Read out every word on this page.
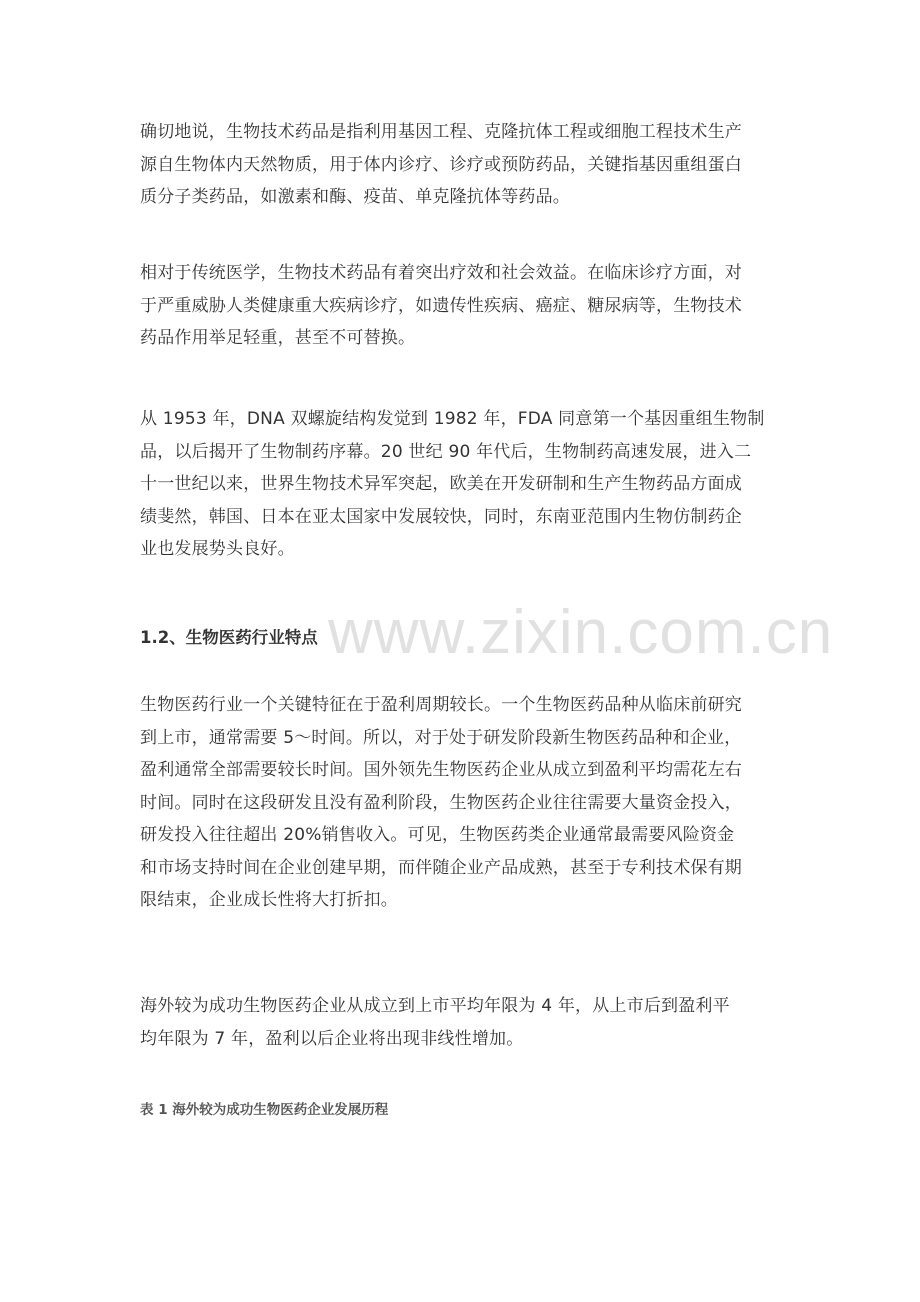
www.zixin.com.cn
确切地说，生物技术药品是指利用基因工程、克隆抗体工程或细胞工程技术生产
源自生物体内天然物质，用于体内诊疗、诊疗或预防药品，关键指基因重组蛋白
质分子类药品，如激素和酶、疫苗、单克隆抗体等药品。
相对于传统医学，生物技术药品有着突出疗效和社会效益。在临床诊疗方面，对
于严重威胁人类健康重大疾病诊疗，如遗传性疾病、癌症、糖尿病等，生物技术
药品作用举足轻重，甚至不可替换。
从 1953 年，DNA 双螺旋结构发觉到 1982 年，FDA 同意第一个基因重组生物制
品，以后揭开了生物制药序幕。20 世纪 90 年代后，生物制药高速发展，进入二
十一世纪以来，世界生物技术异军突起，欧美在开发研制和生产生物药品方面成
绩斐然，韩国、日本在亚太国家中发展较快，同时，东南亚范围内生物仿制药企
业也发展势头良好。
1.2、生物医药行业特点
生物医药行业一个关键特征在于盈利周期较长。一个生物医药品种从临床前研究
到上市，通常需要 5～时间。所以，对于处于研发阶段新生物医药品种和企业，
盈利通常全部需要较长时间。国外领先生物医药企业从成立到盈利平均需花左右
时间。同时在这段研发且没有盈利阶段，生物医药企业往往需要大量资金投入，
研发投入往往超出 20%销售收入。可见，生物医药类企业通常最需要风险资金
和市场支持时间在企业创建早期，而伴随企业产品成熟，甚至于专利技术保有期
限结束，企业成长性将大打折扣。
海外较为成功生物医药企业从成立到上市平均年限为 4 年，从上市后到盈利平
均年限为 7 年，盈利以后企业将出现非线性增加。

表 1 海外较为成功生物医药企业发展历程
